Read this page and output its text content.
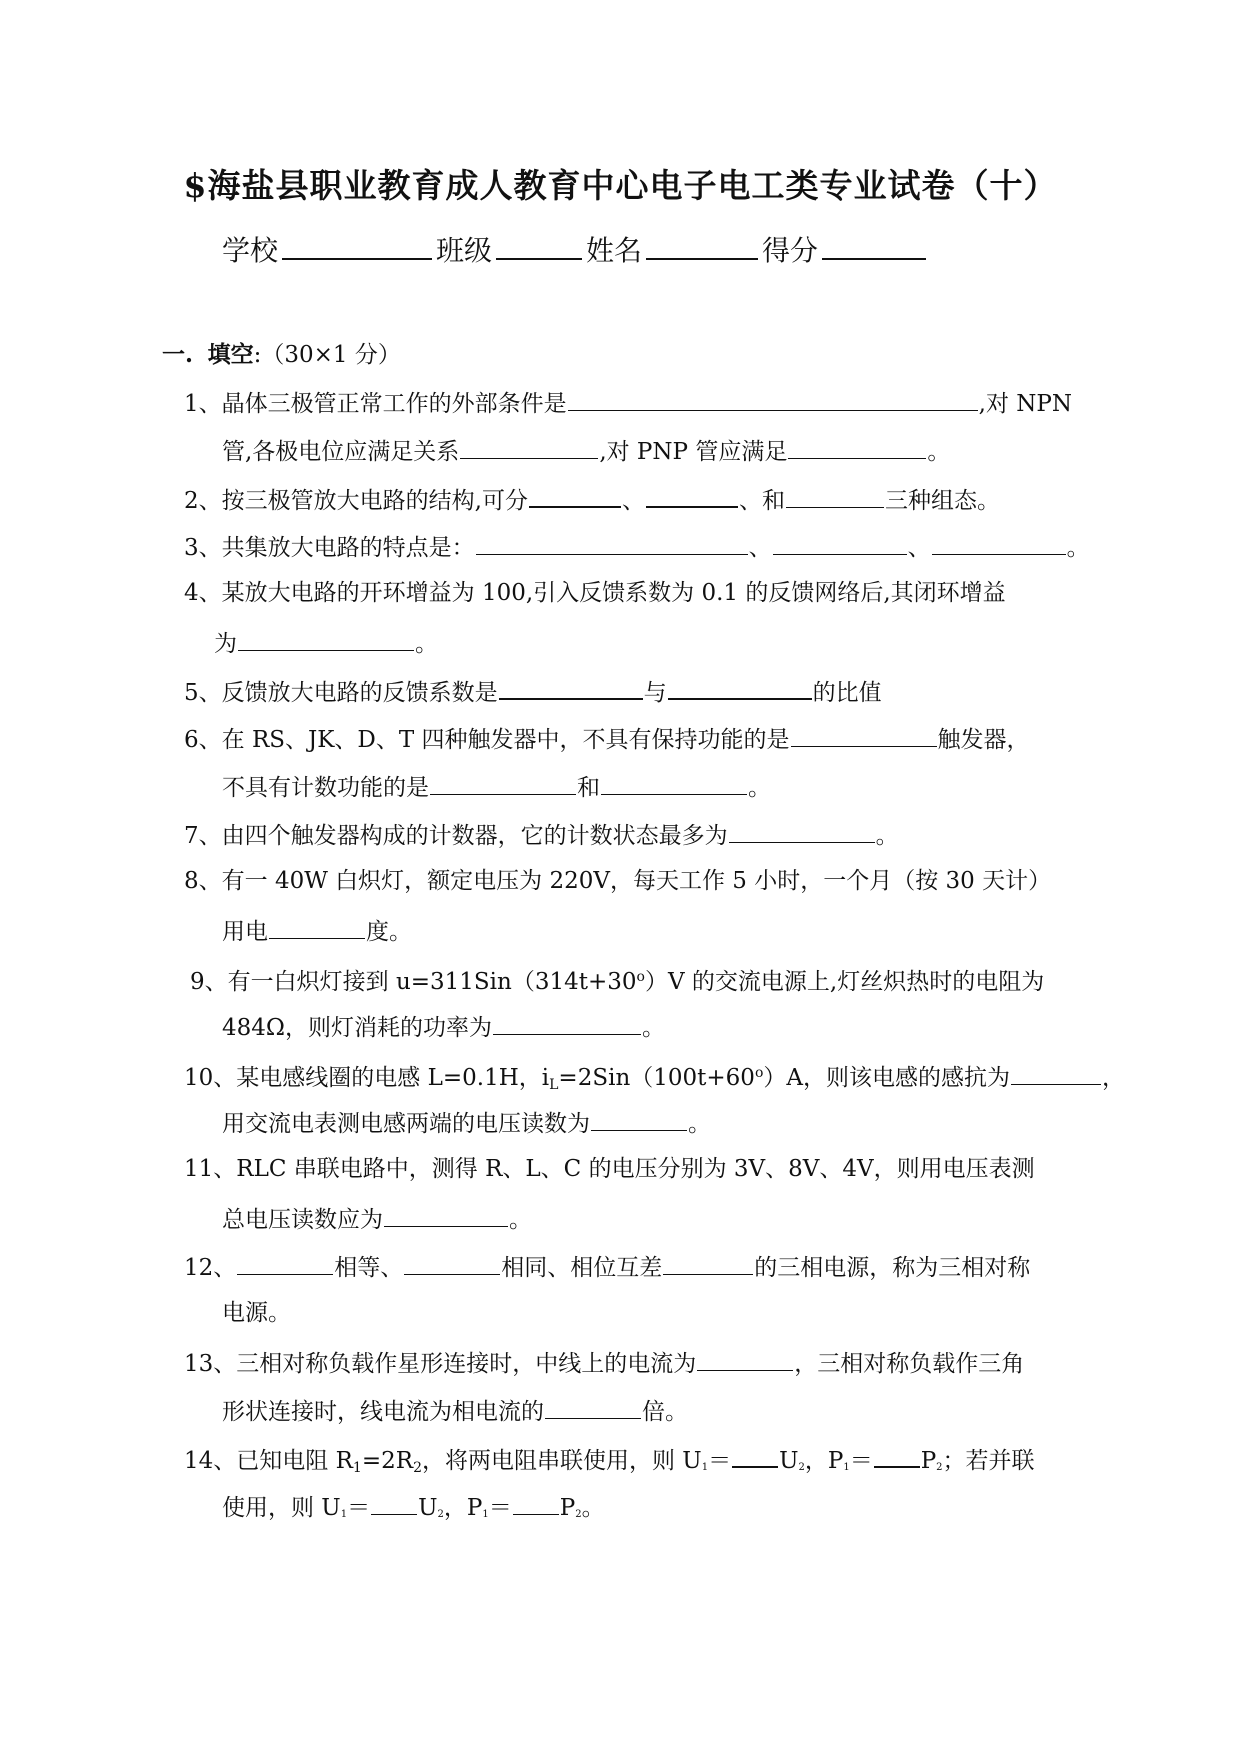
$海盐县职业教育成人教育中心电子电工类专业试卷（十）
学校	班级	姓名	得分
一. 填空:（30×1 分）
1、晶体三极管正常工作的外部条件是	,对 NPN
管,各极电位应满足关系	,对 PNP 管应满足	。
2、按三极管放大电路的结构,可分	、	、和	三种组态。
3、共集放大电路的特点是：	、	、	。
4、某放大电路的开环增益为 100,引入反馈系数为 0.1 的反馈网络后,其闭环增益
为	。
5、反馈放大电路的反馈系数是	与	的比值
6、在 RS、JK、D、T 四种触发器中，不具有保持功能的是	触发器，
不具有计数功能的是	和	。
7、由四个触发器构成的计数器，它的计数状态最多为	。
8、有一 40W 白炽灯，额定电压为 220V，每天工作 5 小时，一个月（按 30 天计）
用电	度。
9、有一白炽灯接到 $u=311Sin(314t+30^o)V$ 的交流电源上,灯丝炽热时的电阻为
484Ω，则灯消耗的功率为	。
10、某电感线圈的电感 L=0.1H，$i_L=2Sin(100t+60^o)A$，则该电感的感抗为	，
用交流电表测电感两端的电压读数为	。
11、RLC 串联电路中，测得 R、L、C 的电压分别为 3V、8V、4V，则用电压表测
总电压读数应为	。
12、	相等、	相同、相位互差	的三相电源，称为三相对称
电源。
13、三相对称负载作星形连接时，中线上的电流为	，三相对称负载作三角
形状连接时，线电流为相电流的	倍。
14、已知电阻 $R_1=2R_2$，将两电阻串联使用，则 $U_1= U_2$，$P_1= P_2$；若并联
使用，则 $U_1= U_2$，$P_1= P_2$。
